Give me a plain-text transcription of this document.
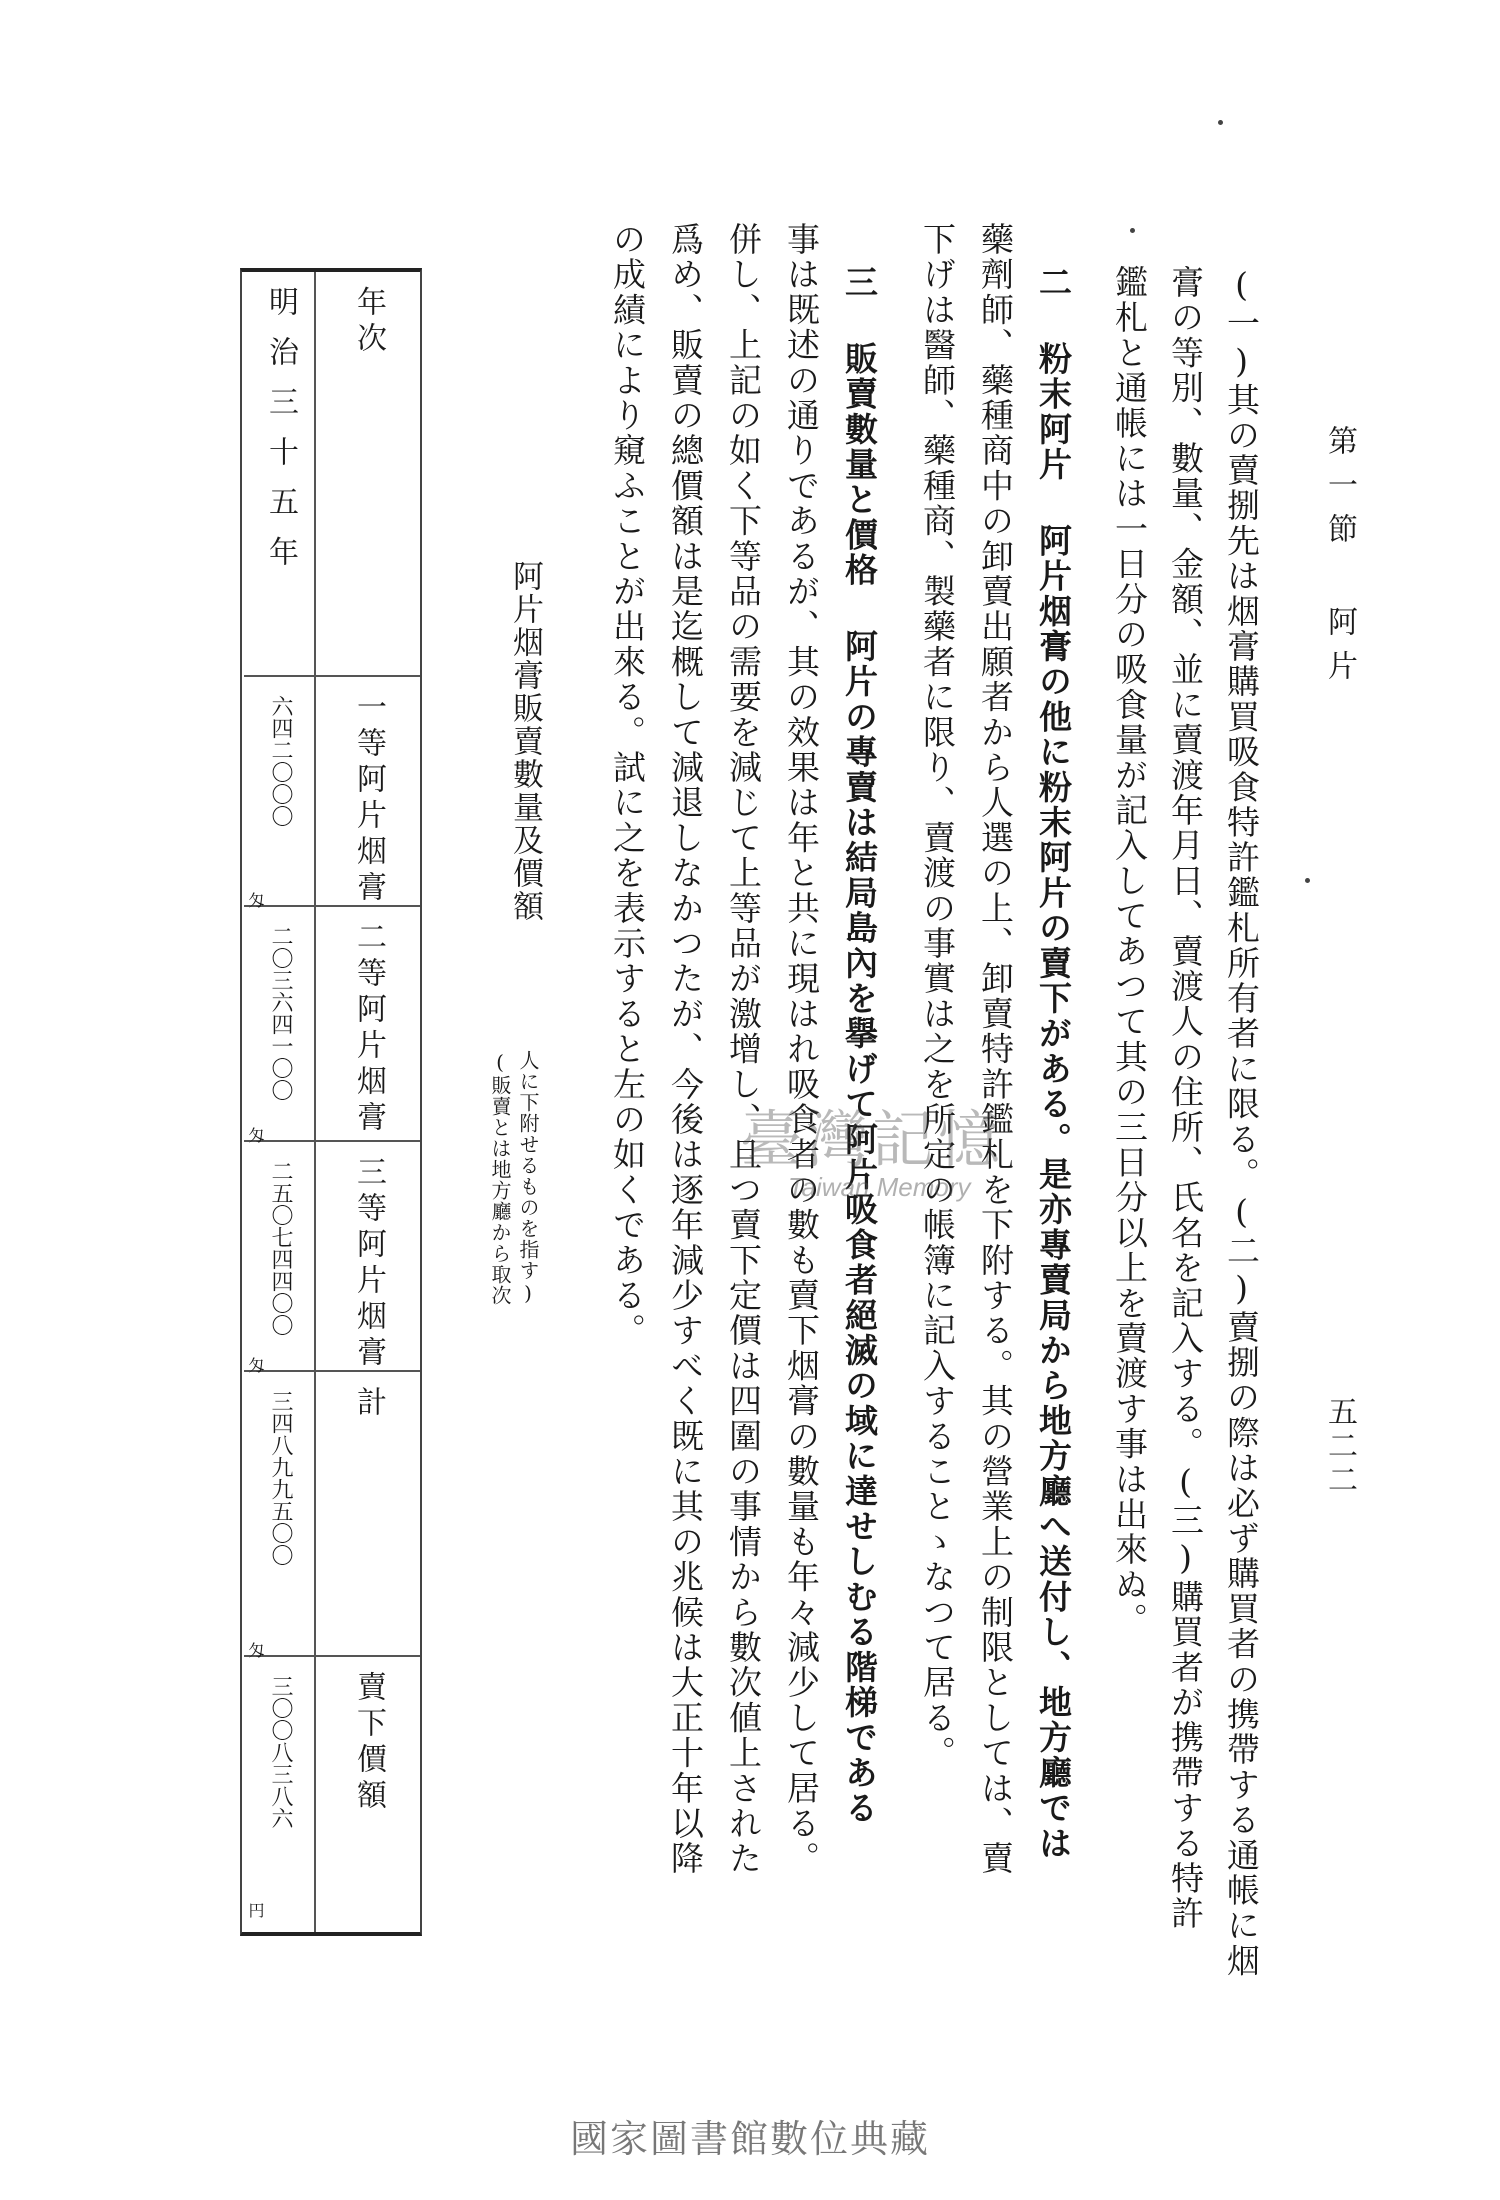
第一節 阿片
五二二
(一)其の賣捌先は烟膏購買吸食特許鑑札所有者に限る。(二)賣捌の際は必ず購買者の携帶する通帳に烟
膏の等別、數量、金額、並に賣渡年月日、賣渡人の住所、氏名を記入する。(三)購買者が携帶する特許
鑑札と通帳には一日分の吸食量が記入してあつて其の三日分以上を賣渡す事は出來ぬ。
二 粉末阿片 阿片烟膏の他に粉末阿片の賣下がある。是亦專賣局から地方廳へ送付し、地方廳では
藥劑師、藥種商中の卸賣出願者から人選の上、卸賣特許鑑札を下附する。其の營業上の制限としては、賣
下げは醫師、藥種商、製藥者に限り、賣渡の事實は之を所定の帳簿に記入することゝなつて居る。
三 販賣數量と價格 阿片の專賣は結局島內を擧げて阿片吸食者絕滅の域に達せしむる階梯である
事は既述の通りであるが、其の效果は年と共に現はれ吸食者の數も賣下烟膏の數量も年々減少して居る。
併し、上記の如く下等品の需要を減じて上等品が激增し、且つ賣下定價は四圍の事情から數次値上された
爲め、販賣の總價額は是迄概して減退しなかつたが、今後は逐年減少すべく既に其の兆候は大正十年以降
の成績により窺ふことが出來る。試に之を表示すると左の如くである。
阿片烟膏販賣數量及價額
(販賣とは地方廳から取次 人に下附せるものを指す)
年次
一等阿片烟膏
二等阿片烟膏
三等阿片烟膏
計
賣下價額
明治三十五年
六四二〇〇〇
二〇三六四一〇〇
二五〇七四四〇〇
三四八九九五〇〇
三〇〇八三八六
匁
匁
匁
匁
円
臺灣記憶
Taiwan Memory
國家圖書館數位典藏
